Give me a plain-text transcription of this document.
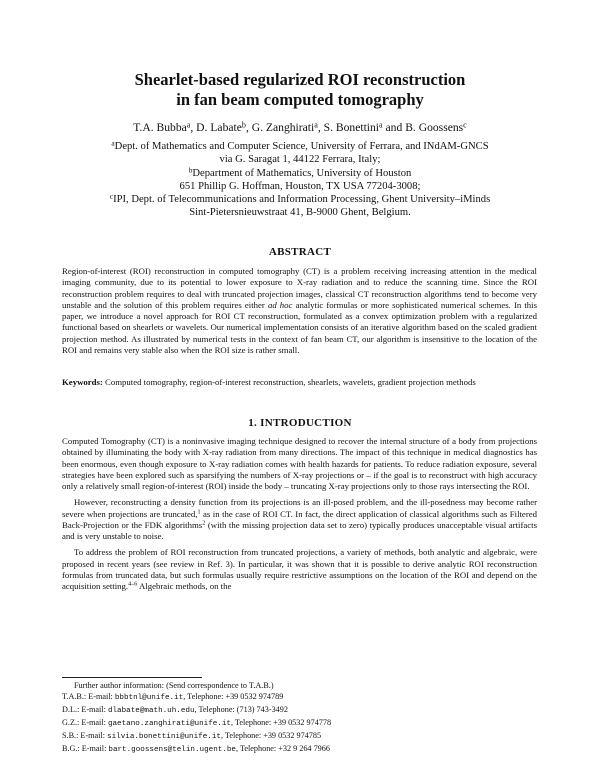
Shearlet-based regularized ROI reconstruction
in fan beam computed tomography
T.A. Bubba$^a$, D. Labate$^b$, G. Zanghirati$^a$, S. Bonettini$^a$ and B. Goossens$^c$
$^a$Dept. of Mathematics and Computer Science, University of Ferrara, and INdAM-GNCS
via G. Saragat 1, 44122 Ferrara, Italy;
$^b$Department of Mathematics, University of Houston
651 Phillip G. Hoffman, Houston, TX USA 77204-3008;
$^c$IPI, Dept. of Telecommunications and Information Processing, Ghent University–iMinds
Sint-Pietersnieuwstraat 41, B-9000 Ghent, Belgium.
ABSTRACT

Region-of-interest (ROI) reconstruction in computed tomography (CT) is a problem receiving increasing attention in the medical imaging community, due to its potential to lower exposure to X-ray radiation and to reduce the scanning time. Since the ROI reconstruction problem requires to deal with truncated projection images, classical CT reconstruction algorithms tend to become very unstable and the solution of this problem requires either ad hoc analytic formulas or more sophisticated numerical schemes. In this paper, we introduce a novel approach for ROI CT reconstruction, formulated as a convex optimization problem with a regularized functional based on shearlets or wavelets. Our numerical implementation consists of an iterative algorithm based on the scaled gradient projection method. As illustrated by numerical tests in the context of fan beam CT, our algorithm is insensitive to the location of the ROI and remains very stable also when the ROI size is rather small.

Keywords: Computed tomography, region-of-interest reconstruction, shearlets, wavelets, gradient projection methods

1. INTRODUCTION

Computed Tomography (CT) is a noninvasive imaging technique designed to recover the internal structure of a body from projections obtained by illuminating the body with X-ray radiation from many directions. The impact of this technique in medical diagnostics has been enormous, even though exposure to X-ray radiation comes with health hazards for patients. To reduce radiation exposure, several strategies have been explored such as sparsifying the numbers of X-ray projections or – if the goal is to reconstruct with high accuracy only a relatively small region-of-interest (ROI) inside the body – truncating X-ray projections only to those rays intersecting the ROI.

However, reconstructing a density function from its projections is an ill-posed problem, and the ill-posedness may become rather severe when projections are truncated,$^1$ as in the case of ROI CT. In fact, the direct application of classical algorithms such as Filtered Back-Projection or the FDK algorithms$^2$ (with the missing projection data set to zero) typically produces unacceptable visual artifacts and is very unstable to noise.

To address the problem of ROI reconstruction from truncated projections, a variety of methods, both analytic and algebraic, were proposed in recent years (see review in Ref. 3). In particular, it was shown that it is possible to derive analytic ROI reconstruction formulas from truncated data, but such formulas usually require restrictive assumptions on the location of the ROI and depend on the acquisition setting.$^{4-6}$ Algebraic methods, on the

Further author information: (Send correspondence to T.A.B.)
T.A.B.: E-mail: bbbtnl@unife.it, Telephone: +39 0532 974789
D.L.: E-mail: dlabate@math.uh.edu, Telephone: (713) 743-3492
G.Z.: E-mail: gaetano.zanghirati@unife.it, Telephone: +39 0532 974778
S.B.: E-mail: silvia.bonettini@unife.it, Telephone: +39 0532 974785
B.G.: E-mail: bart.goossens@telin.ugent.be, Telephone: +32 9 264 7966
